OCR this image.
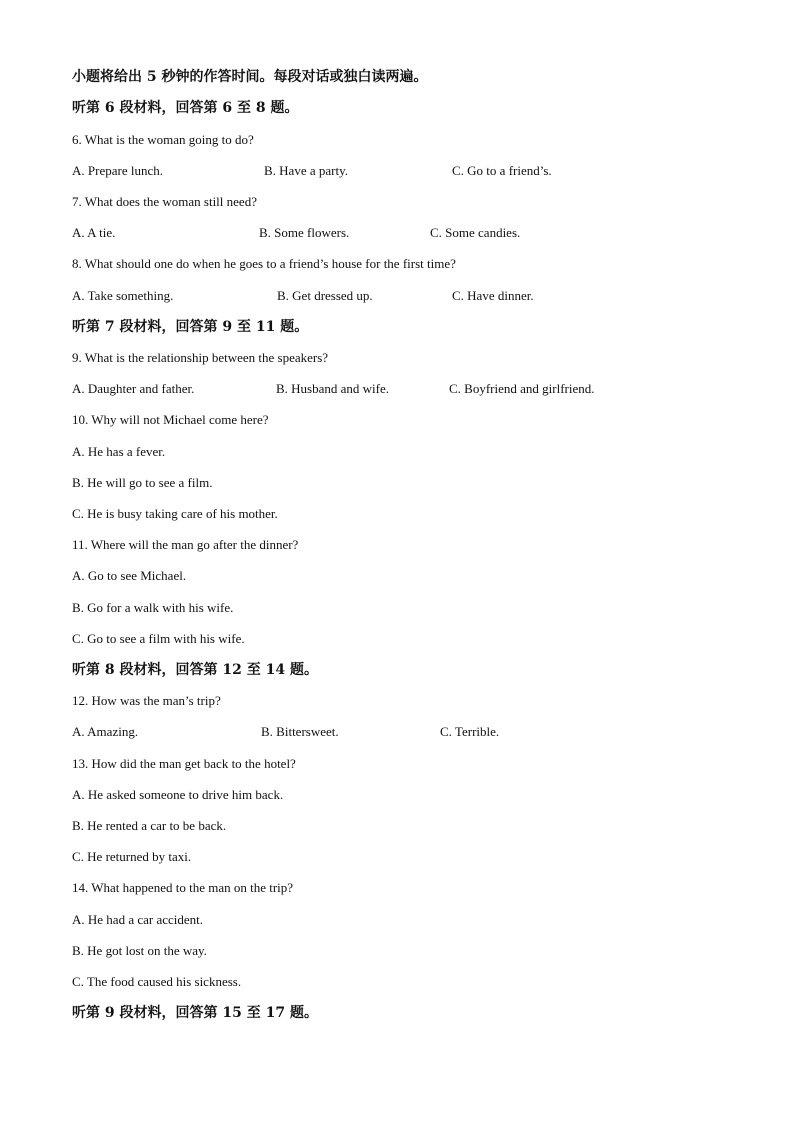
小题将给出 5 秒钟的作答时间。每段对话或独白读两遍。
听第 6 段材料，回答第 6 至 8 题。
6. What is the woman going to do?
A. Prepare lunch.	B. Have a party.	C. Go to a friend’s.
7. What does the woman still need?
A. A tie.	B. Some flowers.	C. Some candies.
8. What should one do when he goes to a friend’s house for the first time?
A. Take something.	B. Get dressed up.	C. Have dinner.
听第 7 段材料，回答第 9 至 11 题。
9. What is the relationship between the speakers?
A. Daughter and father.	B. Husband and wife.	C. Boyfriend and girlfriend.
10. Why will not Michael come here?
A. He has a fever.
B. He will go to see a film.
C. He is busy taking care of his mother.
11. Where will the man go after the dinner?
A. Go to see Michael.
B. Go for a walk with his wife.
C. Go to see a film with his wife.
听第 8 段材料，回答第 12 至 14 题。
12. How was the man’s trip?
A. Amazing.	B. Bittersweet.	C. Terrible.
13. How did the man get back to the hotel?
A. He asked someone to drive him back.
B. He rented a car to be back.
C. He returned by taxi.
14. What happened to the man on the trip?
A. He had a car accident.
B. He got lost on the way.
C. The food caused his sickness.
听第 9 段材料，回答第 15 至 17 题。
